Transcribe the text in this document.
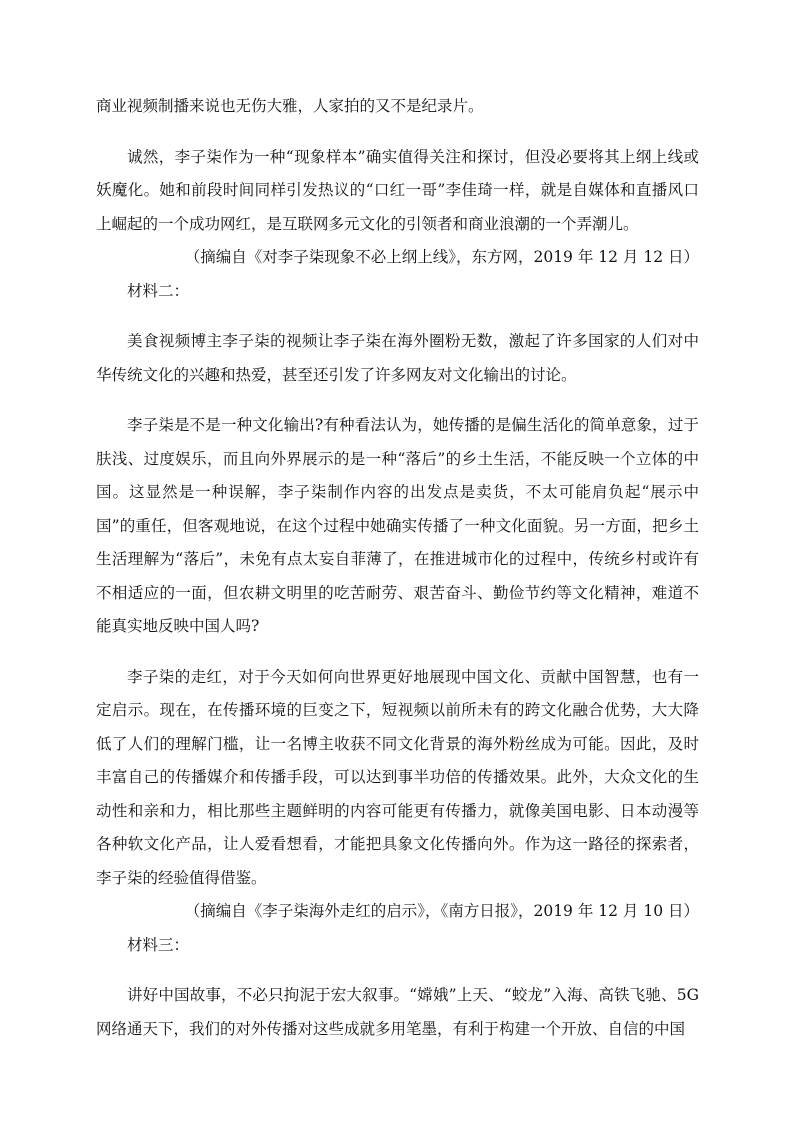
商业视频制播来说也无伤大雅，人家拍的又不是纪录片。

诚然，李子柒作为一种“现象样本”确实值得关注和探讨，但没必要将其上纲上线或妖魔化。她和前段时间同样引发热议的“口红一哥”李佳琦一样，就是自媒体和直播风口上崛起的一个成功网红，是互联网多元文化的引领者和商业浪潮的一个弄潮儿。

（摘编自《对李子柒现象不必上纲上线》，东方网，2019 年 12 月 12 日）

材料二：

美食视频博主李子柒的视频让李子柒在海外圈粉无数，激起了许多国家的人们对中华传统文化的兴趣和热爱，甚至还引发了许多网友对文化输出的讨论。

李子柒是不是一种文化输出?有种看法认为，她传播的是偏生活化的简单意象，过于肤浅、过度娱乐，而且向外界展示的是一种“落后”的乡土生活，不能反映一个立体的中国。这显然是一种误解，李子柒制作内容的出发点是卖货，不太可能肩负起“展示中国”的重任，但客观地说，在这个过程中她确实传播了一种文化面貌。另一方面，把乡土生活理解为“落后”，未免有点太妄自菲薄了，在推进城市化的过程中，传统乡村或许有不相适应的一面，但农耕文明里的吃苦耐劳、艰苦奋斗、勤俭节约等文化精神，难道不能真实地反映中国人吗?

李子柒的走红，对于今天如何向世界更好地展现中国文化、贡献中国智慧，也有一定启示。现在，在传播环境的巨变之下，短视频以前所未有的跨文化融合优势，大大降低了人们的理解门槛，让一名博主收获不同文化背景的海外粉丝成为可能。因此，及时丰富自己的传播媒介和传播手段，可以达到事半功倍的传播效果。此外，大众文化的生动性和亲和力，相比那些主题鲜明的内容可能更有传播力，就像美国电影、日本动漫等各种软文化产品，让人爱看想看，才能把具象文化传播向外。作为这一路径的探索者，李子柒的经验值得借鉴。

（摘编自《李子柒海外走红的启示》，《南方日报》，2019 年 12 月 10 日）

材料三：

讲好中国故事，不必只拘泥于宏大叙事。“嫦娥”上天、“蛟龙”入海、高铁飞驰、5G 网络通天下，我们的对外传播对这些成就多用笔墨，有利于构建一个开放、自信的中国
